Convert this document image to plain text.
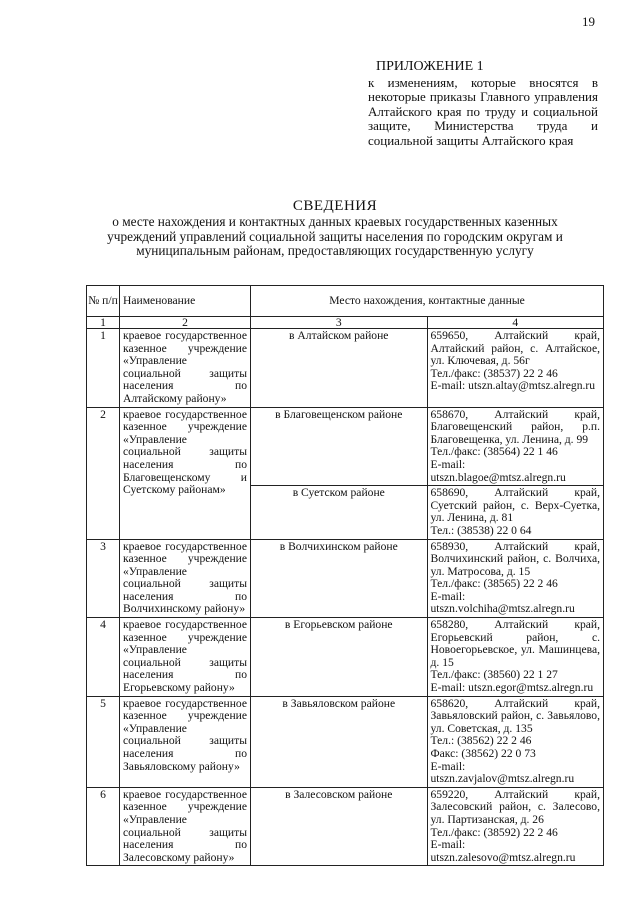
19
ПРИЛОЖЕНИЕ 1
к изменениям, которые вносятся в некоторые приказы Главного управления Алтайского края по труду и социальной защите, Министерства труда и социальной защиты Алтайского края
СВЕДЕНИЯ
о месте нахождения и контактных данных краевых государственных казенных учреждений управлений социальной защиты населения по городским округам и муниципальным районам, предоставляющих государственную услугу
№ п/п	Наименование	Место нахождения, контактные данные	
1	2	3	4
1	краевое государственное казенное учреждение «Управление социальной защиты населения по Алтайскому району»	в Алтайском районе	659650, Алтайский край, Алтайский район, с. Алтайское, ул. Ключевая, д. 56г
Тел./факс: (38537) 22 2 46
E-mail: utszn.altay@mtsz.alregn.ru

2	краевое государственное казенное учреждение «Управление социальной защиты населения по Благовещенскому и Суетскому районам»	в Благовещенском районе	658670, Алтайский край, Благовещенский район, р.п. Благовещенка, ул. Ленина, д. 99
Тел./факс: (38564) 22 1 46
E-mail: utszn.blagoe@mtsz.alregn.ru

		в Суетском районе	658690, Алтайский край, Суетский район, с. Верх-Суетка, ул. Ленина, д. 81
Тел.: (38538) 22 0 64

3	краевое государственное казенное учреждение «Управление социальной защиты населения по Волчихинскому району»	в Волчихинском районе	658930, Алтайский край, Волчихинский район, с. Волчиха, ул. Матросова, д. 15
Тел./факс: (38565) 22 2 46
E-mail: utszn.volchiha@mtsz.alregn.ru

4	краевое государственное казенное учреждение «Управление социальной защиты населения по Егорьевскому району»	в Егорьевском районе	658280, Алтайский край, Егорьевский район, с. Новоегорьевское, ул. Машинцева, д. 15
Тел./факс: (38560) 22 1 27
E-mail: utszn.egor@mtsz.alregn.ru

5	краевое государственное казенное учреждение «Управление социальной защиты населения по Завьяловскому району»	в Завьяловском районе	658620, Алтайский край, Завьяловский район, с. Завьялово, ул. Советская, д. 135
Тел.: (38562) 22 2 46
Факс: (38562) 22 0 73
E-mail: utszn.zavjalov@mtsz.alregn.ru

6	краевое государственное казенное учреждение «Управление социальной защиты населения по Залесовскому району»	в Залесовском районе	659220, Алтайский край, Залесовский район, с. Залесово, ул. Партизанская, д. 26
Тел./факс: (38592) 22 2 46
E-mail: utszn.zalesovo@mtsz.alregn.ru
